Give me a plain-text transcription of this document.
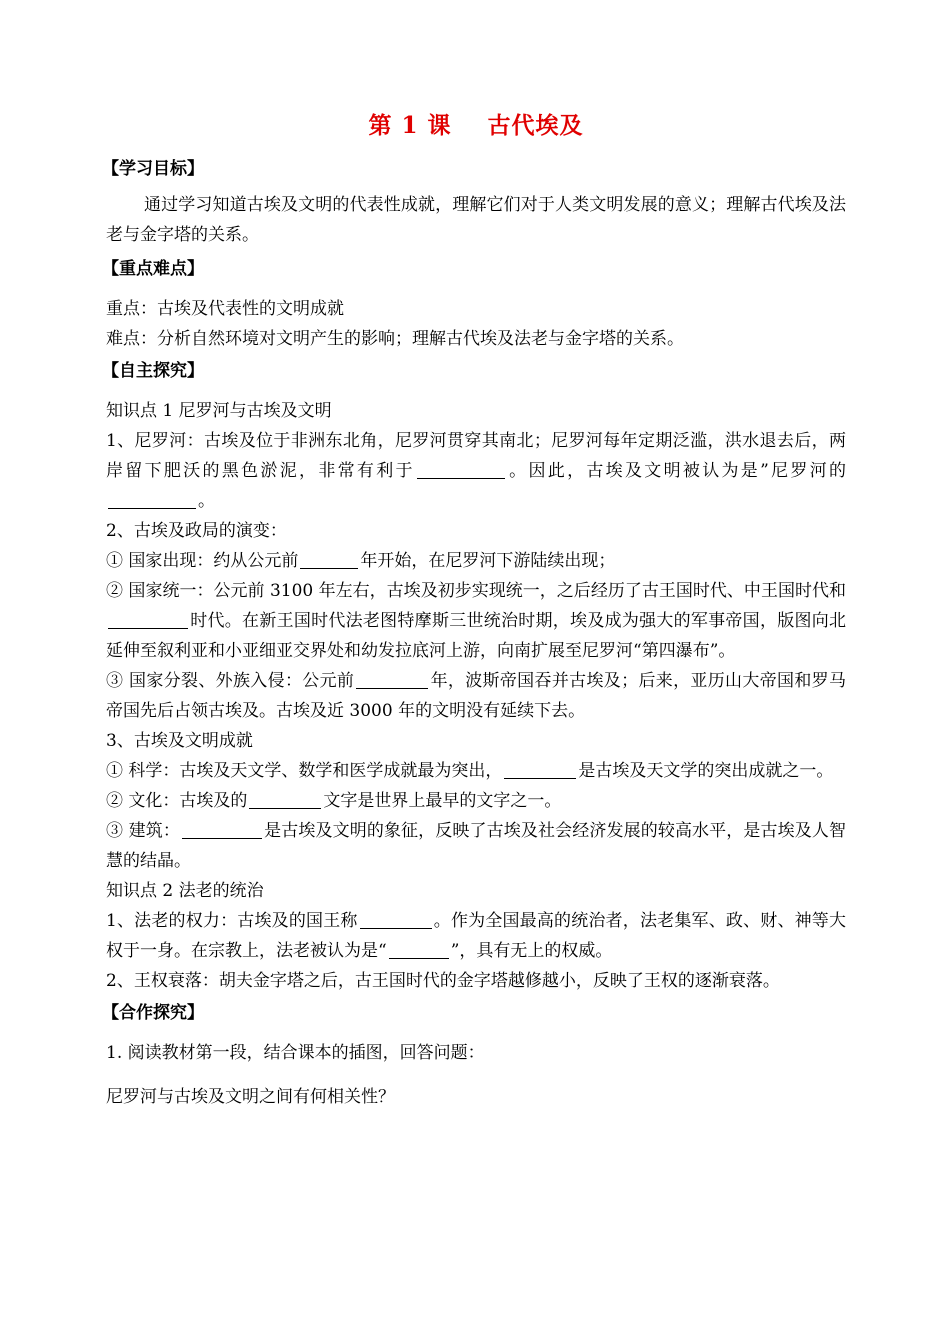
第 1 课    古代埃及
【学习目标】

通过学习知道古埃及文明的代表性成就，理解它们对于人类文明发展的意义；理解古代埃及法老与金字塔的关系。

【重点难点】

重点：古埃及代表性的文明成就

难点：分析自然环境对文明产生的影响；理解古代埃及法老与金字塔的关系。

【自主探究】

知识点 1 尼罗河与古埃及文明

1、尼罗河：古埃及位于非洲东北角，尼罗河贯穿其南北；尼罗河每年定期泛滥，洪水退去后，两岸留下肥沃的黑色淤泥，非常有利于	。因此，古埃及文明被认为是”尼罗河的。

2、古埃及政局的演变：

① 国家出现：约从公元前	年开始，在尼罗河下游陆续出现；

② 国家统一：公元前 3100 年左右，古埃及初步实现统一，之后经历了古王国时代、中王国时代和时代。在新王国时代法老图特摩斯三世统治时期，埃及成为强大的军事帝国，版图向北延伸至叙利亚和小亚细亚交界处和幼发拉底河上游，向南扩展至尼罗河“第四瀑布”。

③ 国家分裂、外族入侵：公元前	年，波斯帝国吞并古埃及；后来，亚历山大帝国和罗马帝国先后占领古埃及。古埃及近 3000 年的文明没有延续下去。

3、古埃及文明成就

① 科学：古埃及天文学、数学和医学成就最为突出，	是古埃及天文学的突出成就之一。

② 文化：古埃及的	文字是世界上最早的文字之一。

③ 建筑：	是古埃及文明的象征，反映了古埃及社会经济发展的较高水平，是古埃及人智慧的结晶。

知识点 2 法老的统治

1、法老的权力：古埃及的国王称	。作为全国最高的统治者，法老集军、政、财、神等大权于一身。在宗教上，法老被认为是“	”，具有无上的权威。

2、王权衰落：胡夫金字塔之后，古王国时代的金字塔越修越小，反映了王权的逐渐衰落。

【合作探究】

1. 阅读教材第一段，结合课本的插图，回答问题：

尼罗河与古埃及文明之间有何相关性？
